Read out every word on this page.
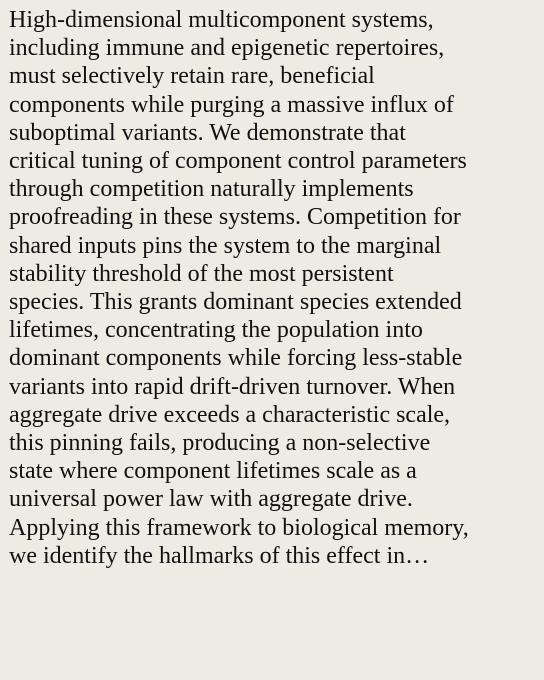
High-dimensional multicomponent systems,
including immune and epigenetic repertoires,
must selectively retain rare, beneficial
components while purging a massive influx of
suboptimal variants. We demonstrate that
critical tuning of component control parameters
through competition naturally implements
proofreading in these systems. Competition for
shared inputs pins the system to the marginal
stability threshold of the most persistent
species. This grants dominant species extended
lifetimes, concentrating the population into
dominant components while forcing less-stable
variants into rapid drift-driven turnover. When
aggregate drive exceeds a characteristic scale,
this pinning fails, producing a non-selective
state where component lifetimes scale as a
universal power law with aggregate drive.
Applying this framework to biological memory,
we identify the hallmarks of this effect in…
